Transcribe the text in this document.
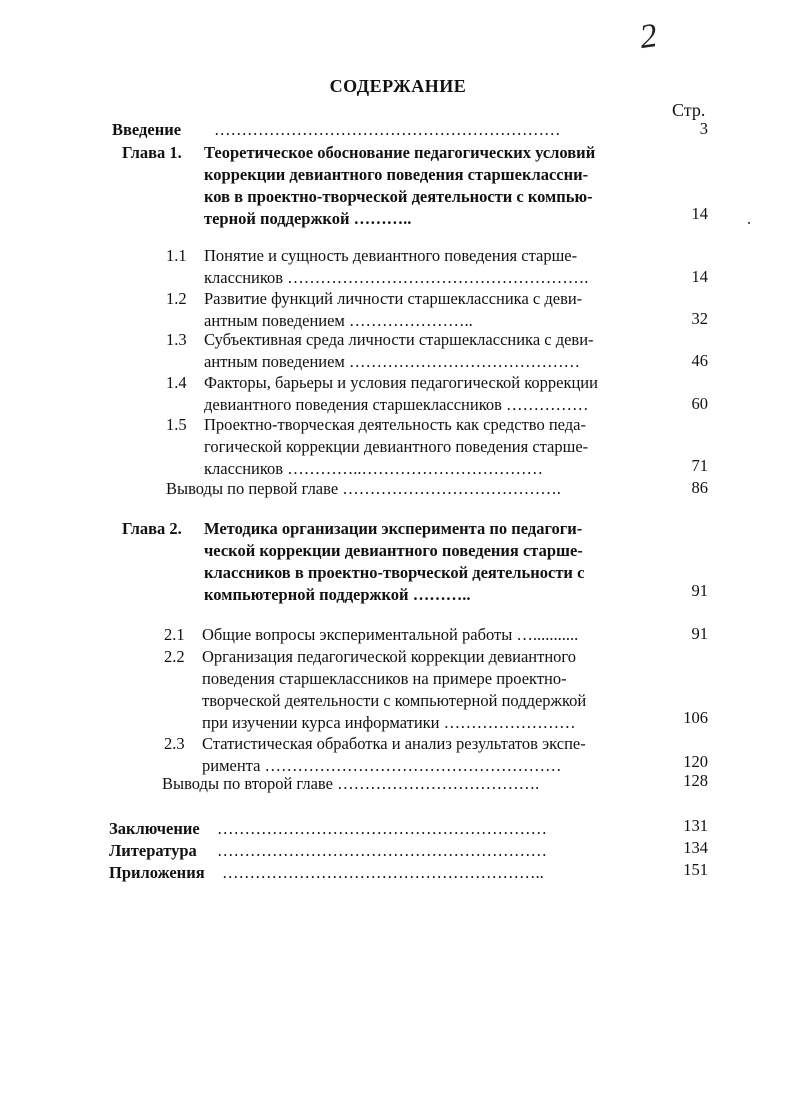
2
СОДЕРЖАНИЕ
Стр.
Введение ………………………………………………………	3
Глава 1. Теоретическое обоснование педагогических условий
коррекции девиантного поведения старшеклассни-
ков в проектно-творческой деятельности с компью-
терной поддержкой ………..	14
1.1 Понятие и сущность девиантного поведения старше-
классников ……………………………………………….	14
1.2 Развитие функций личности старшеклассника с деви-
антным поведением …………………..	32
1.3 Субъективная среда личности старшеклассника с деви-
антным поведением ……………………………………	46
1.4 Факторы, барьеры и условия педагогической коррекции
девиантного поведения старшеклассников ……………	60
1.5 Проектно-творческая деятельность как средство педа-
гогической коррекции девиантного поведения старше-
классников …………..……………………………	71
Выводы по первой главе ………………………………….	86
Глава 2. Методика организации эксперимента по педагоги-
ческой коррекции девиантного поведения старше-
классников в проектно-творческой деятельности с
компьютерной поддержкой ………..	91
2.1 Общие вопросы экспериментальной работы …...........	91
2.2 Организация педагогической коррекции девиантного
поведения старшеклассников на примере проектно-
творческой деятельности с компьютерной поддержкой
при изучении курса информатики ……………………	106
2.3 Статистическая обработка и анализ результатов экспе-
римента ………………………………………………	120
Выводы по второй главе ……………………………….	128
Заключение ……………………………………………………	131
Литература ……………………………………………………	134
Приложения …………………………………………………..	151
